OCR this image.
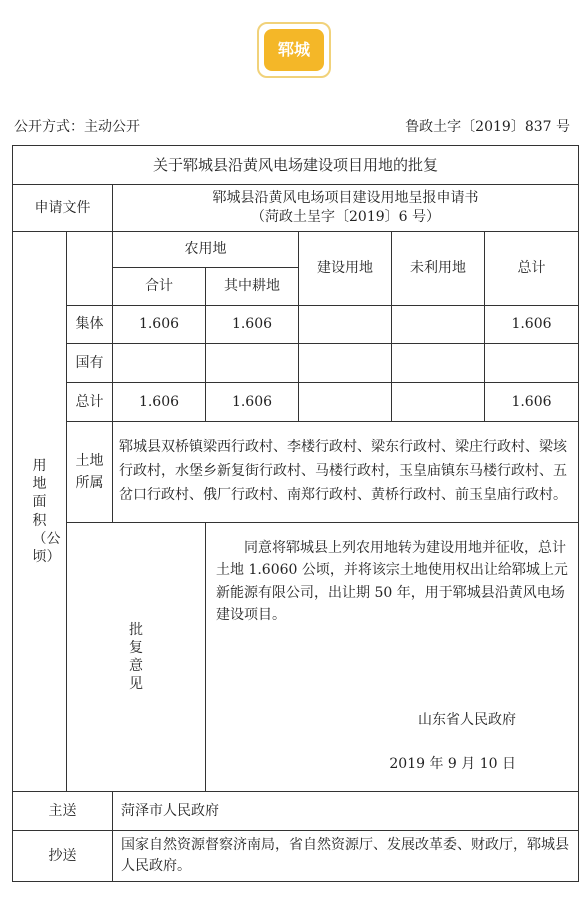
郓城
公开方式：主动公开	鲁政土字〔2019〕837 号
关于郓城县沿黄风电场建设项目用地的批复						
申请文件		郓城县沿黄风电场项目建设用地呈报申请书
（菏政土呈字〔2019〕6 号）				

用地面积（公顷）		农用地		建设用地	未利用地	总计
		合计	其中耕地			
	集体	1.606	1.606			1.606
	国有					
	总计	1.606	1.606			1.606

	土地所属	郓城县双桥镇梁西行政村、李楼行政村、梁东行政村、梁庄行政村、梁垓行政村，水堡乡新复街行政村、马楼行政村，玉皇庙镇东马楼行政村、五岔口行政村、俄厂行政村、南郑行政村、黄桥行政村、前玉皇庙行政村。				

	批复意见		同意将郓城县上列农用地转为建设用地并征收，总计土地 1.6060 公顷，并将该宗土地使用权出让给郓城上元新能源有限公司，出让期 50 年，用于郓城县沿黄风电场建设项目。
山东省人民政府
2019 年 9 月 10 日			

主送		菏泽市人民政府				
抄送		国家自然资源督察济南局，省自然资源厅、发展改革委、财政厅，郓城县人民政府。				
